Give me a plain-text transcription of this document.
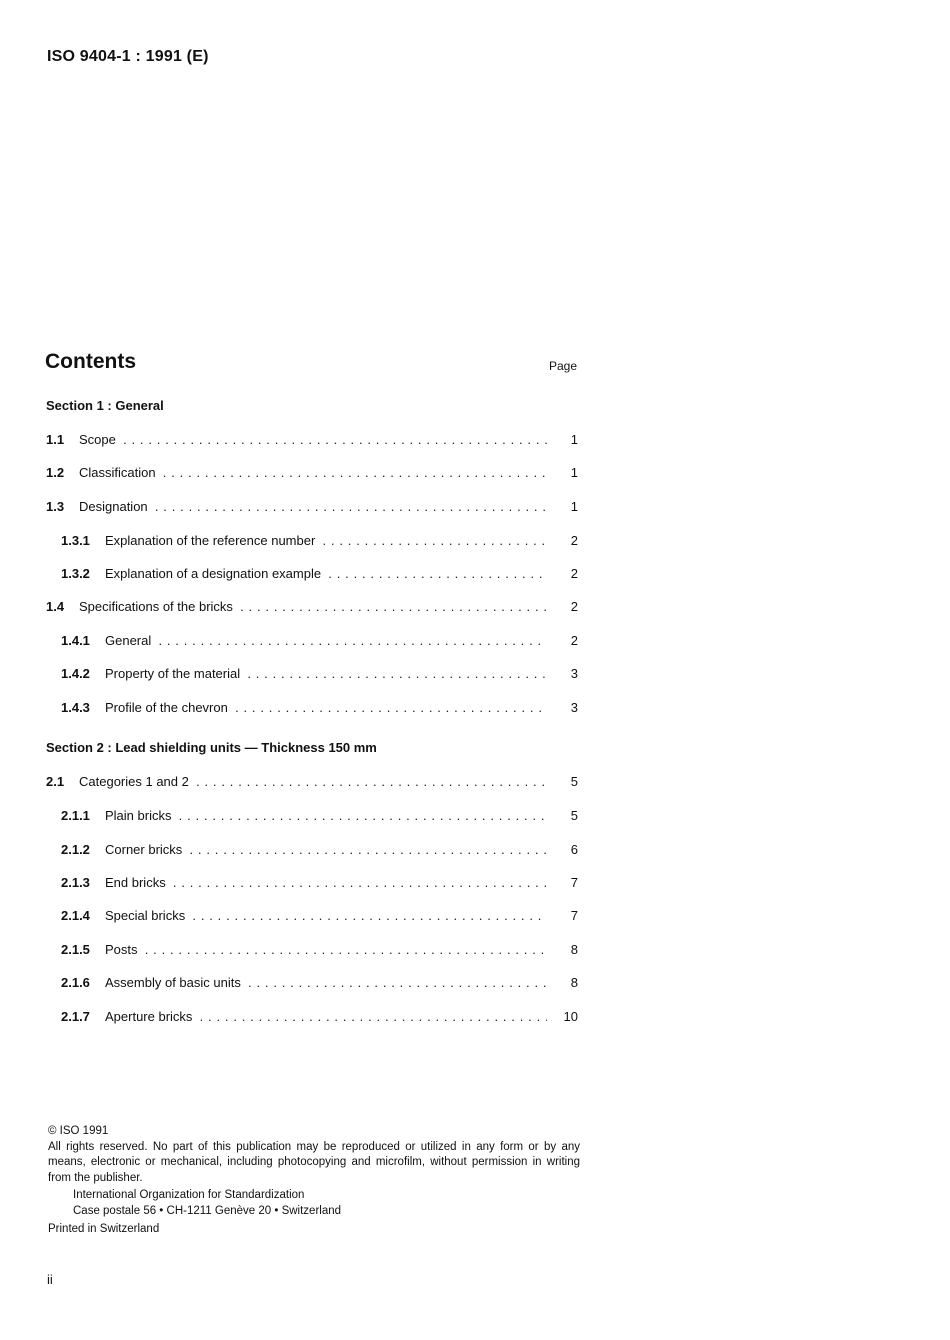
ISO 9404-1 : 1991 (E)
Contents	Page
Section 1 : General
1.1 Scope . . .	1
1.2 Classification . . .	1
1.3 Designation . . .	1
1.3.1 Explanation of the reference number . . .	2
1.3.2 Explanation of a designation example . . .	2
1.4 Specifications of the bricks . . .	2
1.4.1 General . . .	2
1.4.2 Property of the material . . .	3
1.4.3 Profile of the chevron . . .	3
Section 2 : Lead shielding units — Thickness 150 mm
2.1 Categories 1 and 2 . . .	5
2.1.1 Plain bricks . . .	5
2.1.2 Corner bricks . . .	6
2.1.3 End bricks . . .	7
2.1.4 Special bricks . . .	7
2.1.5 Posts . . .	8
2.1.6 Assembly of basic units . . .	8
2.1.7 Aperture bricks . . .	10
© ISO 1991
All rights reserved. No part of this publication may be reproduced or utilized in any form or by any means, electronic or mechanical, including photocopying and microfilm, without permission in writing from the publisher.
International Organization for Standardization
Case postale 56 • CH-1211 Genève 20 • Switzerland
Printed in Switzerland
ii
